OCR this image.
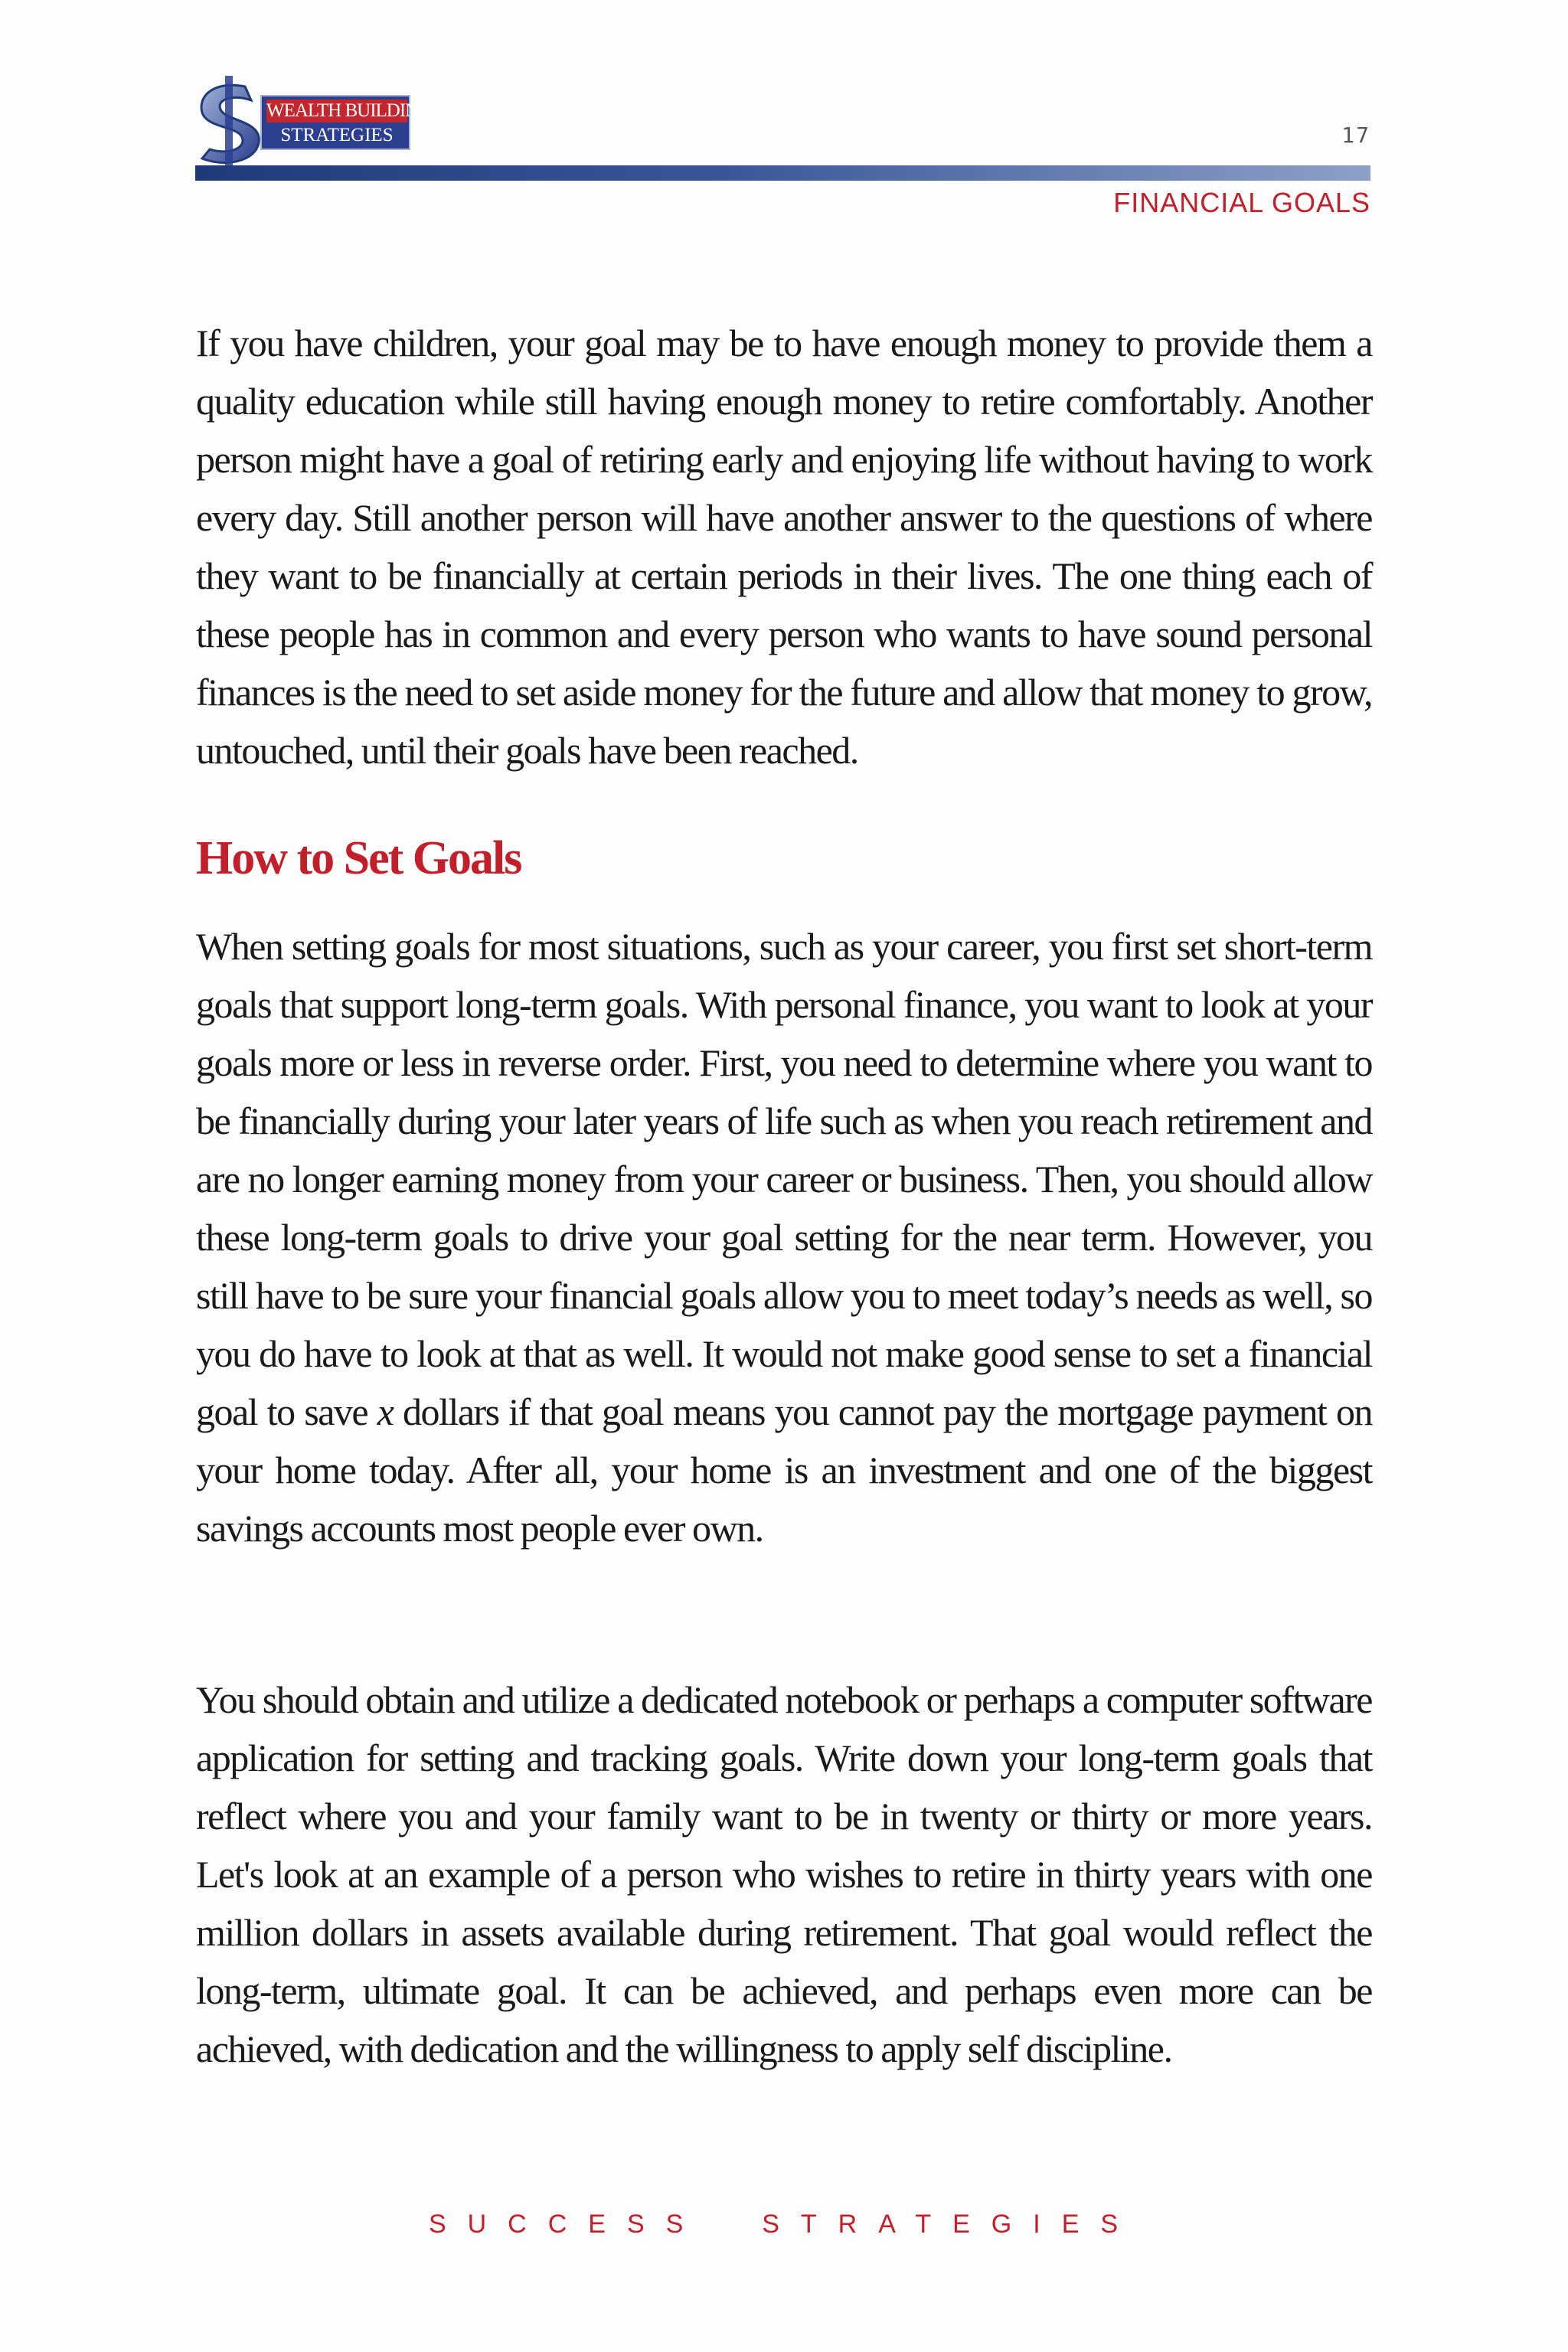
WEALTH BUILDING
STRATEGIES	17
FINANCIAL GOALS

If you have children, your goal may be to have enough money to provide them a quality education while still having enough money to retire comfortably. Another person might have a goal of retiring early and enjoying life without having to work every day. Still another person will have another answer to the questions of where they want to be financially at certain periods in their lives. The one thing each of these people has in common and every person who wants to have sound personal finances is the need to set aside money for the future and allow that money to grow, untouched, until their goals have been reached.

How to Set Goals

When setting goals for most situations, such as your career, you first set short-term goals that support long-term goals. With personal finance, you want to look at your goals more or less in reverse order. First, you need to determine where you want to be financially during your later years of life such as when you reach retirement and are no longer earning money from your career or business. Then, you should allow these long-term goals to drive your goal setting for the near term. However, you still have to be sure your financial goals allow you to meet today’s needs as well, so you do have to look at that as well. It would not make good sense to set a financial goal to save x dollars if that goal means you cannot pay the mortgage payment on your home today. After all, your home is an investment and one of the biggest savings accounts most people ever own.

You should obtain and utilize a dedicated notebook or perhaps a computer software application for setting and tracking goals. Write down your long-term goals that reflect where you and your family want to be in twenty or thirty or more years. Let's look at an example of a person who wishes to retire in thirty years with one million dollars in assets available during retirement. That goal would reflect the long-term, ultimate goal. It can be achieved, and perhaps even more can be achieved, with dedication and the willingness to apply self discipline.

SUCCESS  STRATEGIES
